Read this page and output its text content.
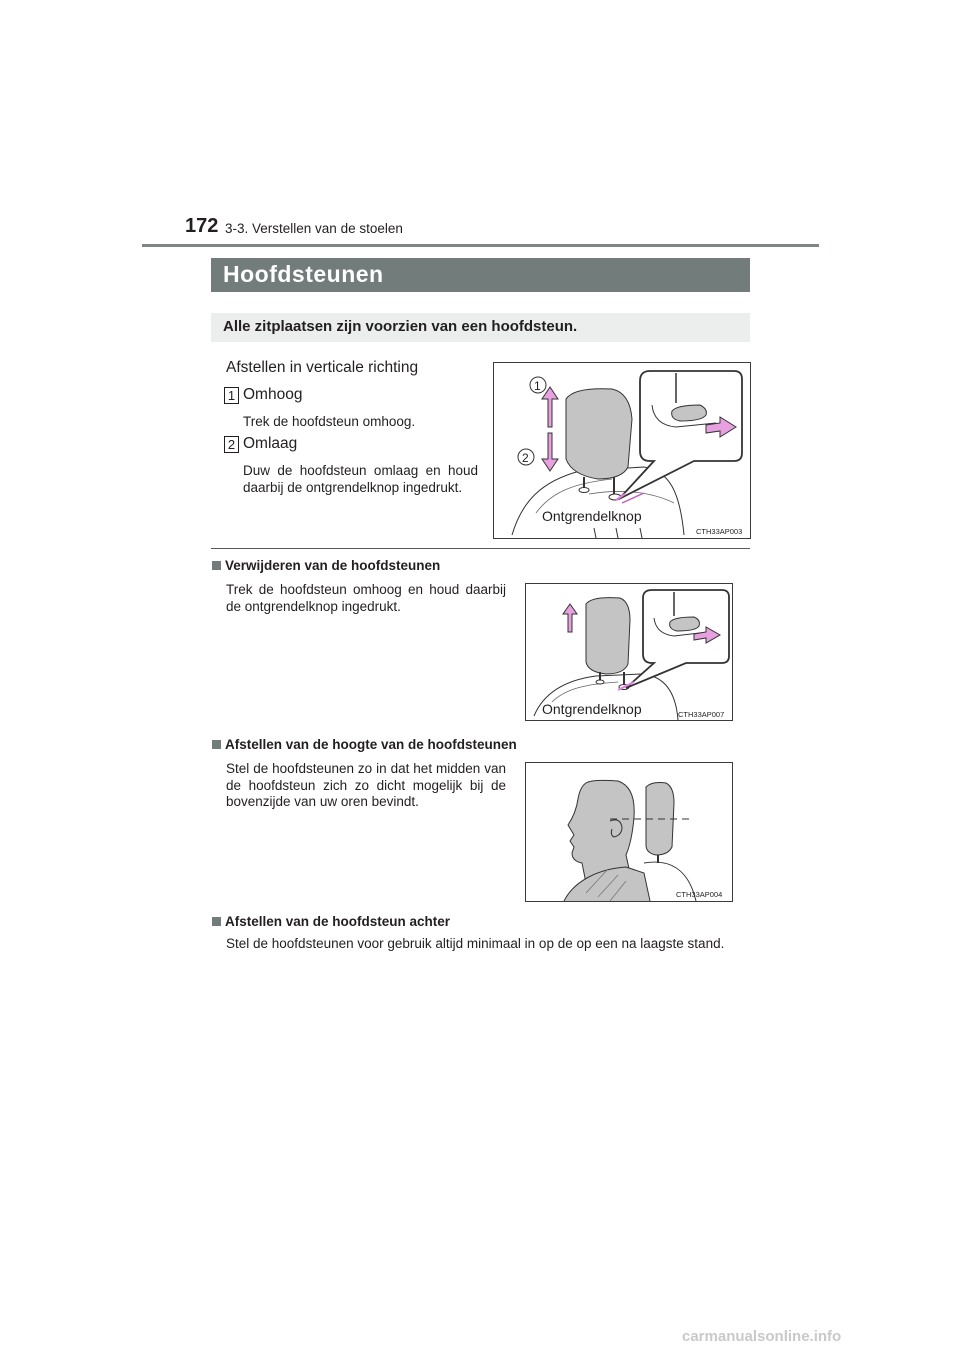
172 3-3. Verstellen van de stoelen
Hoofdsteunen
Alle zitplaatsen zijn voorzien van een hoofdsteun.
Afstellen in verticale richting
1 Omhoog
Trek de hoofdsteun omhoog.
2 Omlaag
Duw de hoofdsteun omlaag en houd daarbij de ontgrendelknop ingedrukt.
1
2
Ontgrendelknop
CTH33AP003
Verwijderen van de hoofdsteunen
Trek de hoofdsteun omhoog en houd daarbij de ontgrendelknop ingedrukt.
Ontgrendelknop	CTH33AP007
Afstellen van de hoogte van de hoofdsteunen
Stel de hoofdsteunen zo in dat het midden van de hoofdsteun zich zo dicht mogelijk bij de bovenzijde van uw oren bevindt.
CTH33AP004
Afstellen van de hoofdsteun achter
Stel de hoofdsteunen voor gebruik altijd minimaal in op de op een na laagste stand.
carmanualsonline.info
